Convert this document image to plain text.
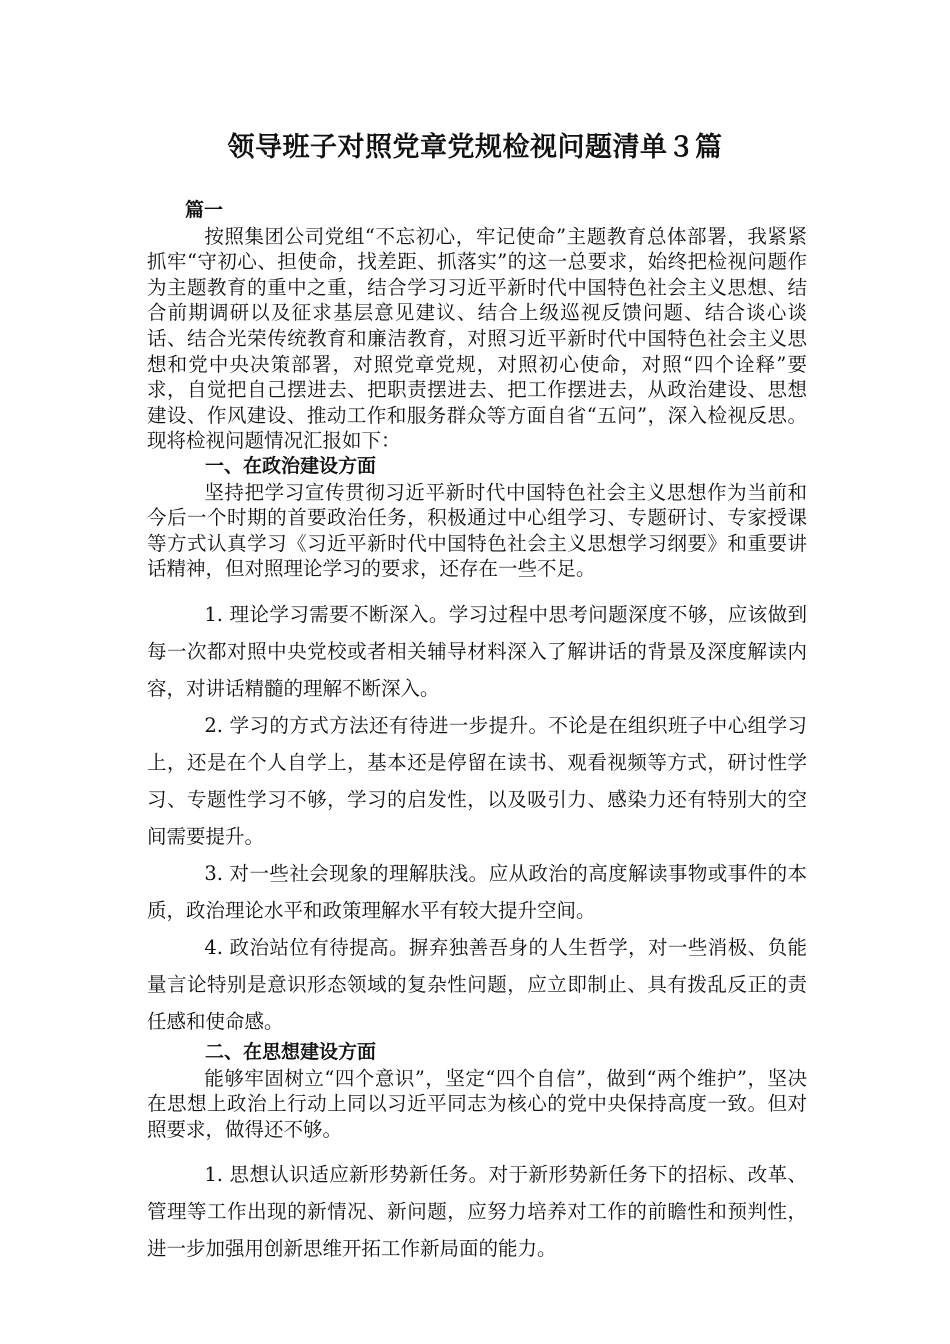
领导班子对照党章党规检视问题清单３篇
篇一

按照集团公司党组“不忘初心，牢记使命”主题教育总体部署，我紧紧抓牢“守初心、担使命，找差距、抓落实”的这一总要求，始终把检视问题作为主题教育的重中之重，结合学习习近平新时代中国特色社会主义思想、结合前期调研以及征求基层意见建议、结合上级巡视反馈问题、结合谈心谈话、结合光荣传统教育和廉洁教育，对照习近平新时代中国特色社会主义思想和党中央决策部署，对照党章党规，对照初心使命，对照“四个诠释”要求，自觉把自己摆进去、把职责摆进去、把工作摆进去，从政治建设、思想建设、作风建设、推动工作和服务群众等方面自省“五问”，深入检视反思。现将检视问题情况汇报如下：

一、在政治建设方面

坚持把学习宣传贯彻习近平新时代中国特色社会主义思想作为当前和今后一个时期的首要政治任务，积极通过中心组学习、专题研讨、专家授课等方式认真学习《习近平新时代中国特色社会主义思想学习纲要》和重要讲话精神，但对照理论学习的要求，还存在一些不足。

1. 理论学习需要不断深入。学习过程中思考问题深度不够，应该做到每一次都对照中央党校或者相关辅导材料深入了解讲话的背景及深度解读内容，对讲话精髓的理解不断深入。

2. 学习的方式方法还有待进一步提升。不论是在组织班子中心组学习上，还是在个人自学上，基本还是停留在读书、观看视频等方式，研讨性学习、专题性学习不够，学习的启发性，以及吸引力、感染力还有特别大的空间需要提升。

3. 对一些社会现象的理解肤浅。应从政治的高度解读事物或事件的本质，政治理论水平和政策理解水平有较大提升空间。

4. 政治站位有待提高。摒弃独善吾身的人生哲学，对一些消极、负能量言论特别是意识形态领域的复杂性问题，应立即制止、具有拨乱反正的责任感和使命感。

二、在思想建设方面

能够牢固树立“四个意识”，坚定“四个自信”，做到“两个维护”，坚决在思想上政治上行动上同以习近平同志为核心的党中央保持高度一致。但对照要求，做得还不够。

1. 思想认识适应新形势新任务。对于新形势新任务下的招标、改革、管理等工作出现的新情况、新问题，应努力培养对工作的前瞻性和预判性，进一步加强用创新思维开拓工作新局面的能力。
